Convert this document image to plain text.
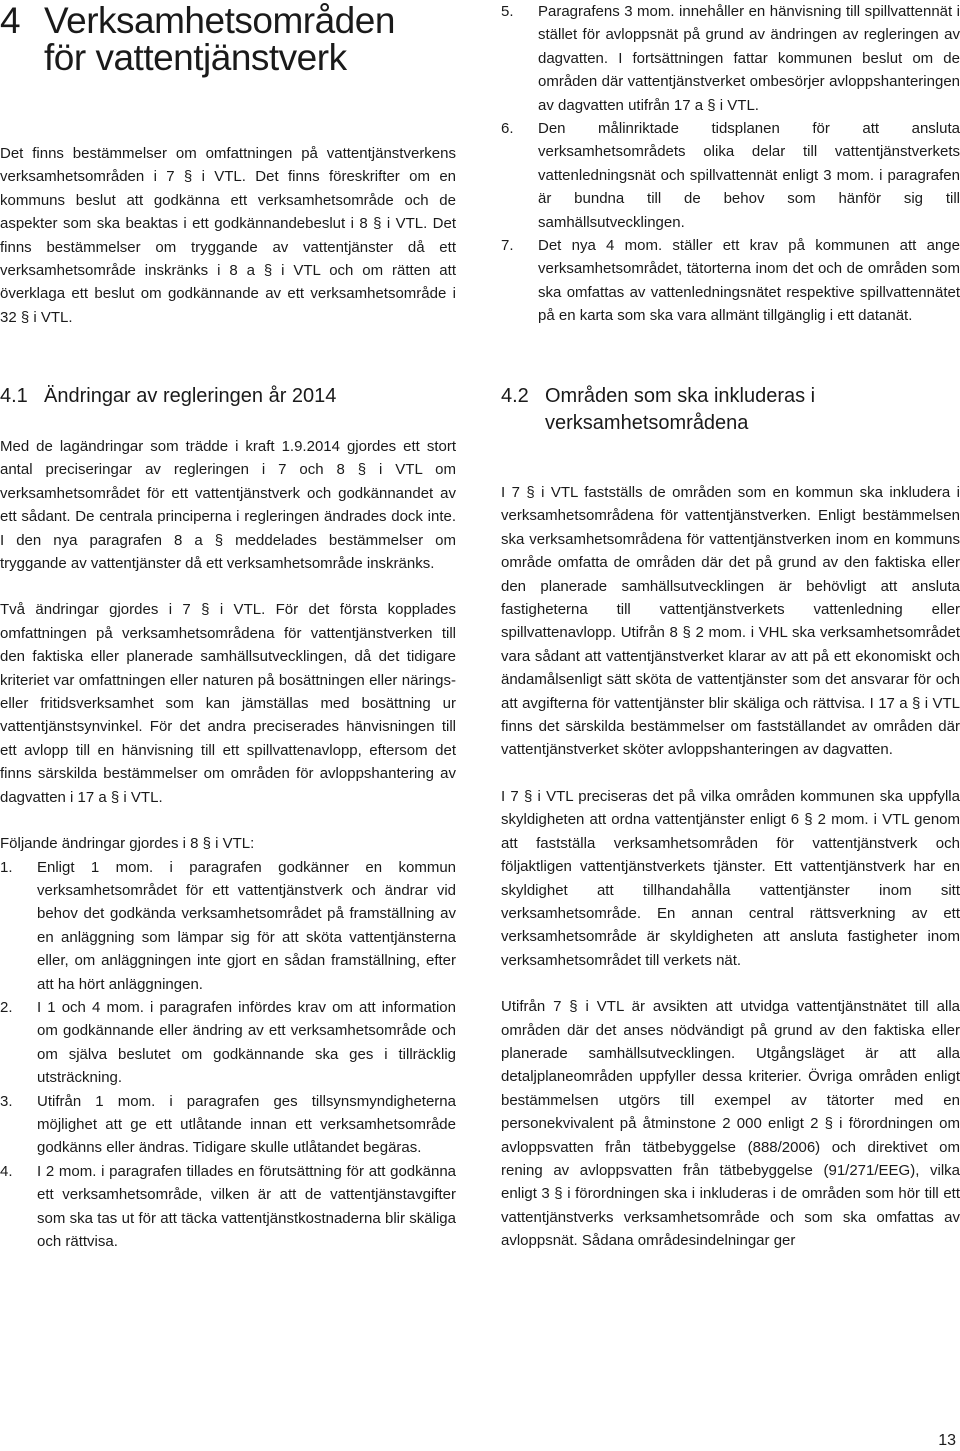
4 Verksamhetsområden
för vattentjänstverk

Det finns bestämmelser om omfattningen på vattentjänstverkens verksamhetsområden i 7 § i VTL. Det finns föreskrifter om en kommuns beslut att godkänna ett verksamhetsområde och de aspekter som ska beaktas i ett godkännandebeslut i 8 § i VTL. Det finns bestämmelser om tryggande av vattentjänster då ett verksamhetsområde inskränks i 8 a § i VTL och om rätten att överklaga ett beslut om godkännande av ett verksamhetsområde i 32 § i VTL.

5. Paragrafens 3 mom. innehåller en hänvisning till spillvattennät i stället för avloppsnät på grund av ändringen av regleringen av dagvatten. I fortsättningen fattar kommunen beslut om de områden där vattentjänstverket ombesörjer avloppshanteringen av dagvatten utifrån 17 a § i VTL.

6. Den målinriktade tidsplanen för att ansluta verksamhetsområdets olika delar till vattentjänstverkets vattenledningsnät och spillvattennät enligt 3 mom. i paragrafen är bundna till de behov som hänför sig till samhällsutvecklingen.

7. Det nya 4 mom. ställer ett krav på kommunen att ange verksamhetsområdet, tätorterna inom det och de områden som ska omfattas av vattenledningsnätet respektive spillvattennätet på en karta som ska vara allmänt tillgänglig i ett datanät.

4.1 Ändringar av regleringen år 2014

Med de lagändringar som trädde i kraft 1.9.2014 gjordes ett stort antal preciseringar av regleringen i 7 och 8 § i VTL om verksamhetsområdet för ett vattentjänstverk och godkännandet av ett sådant. De centrala principerna i regleringen ändrades dock inte. I den nya paragrafen 8 a § meddelades bestämmelser om tryggande av vattentjänster då ett verksamhetsområde inskränks.

Två ändringar gjordes i 7 § i VTL. För det första kopplades omfattningen på verksamhetsområdena för vattentjänstverken till den faktiska eller planerade samhällsutvecklingen, då det tidigare kriteriet var omfattningen eller naturen på bosättningen eller närings- eller fritidsverksamhet som kan jämställas med bosättning ur vattentjänstsynvinkel. För det andra preciserades hänvisningen till ett avlopp till en hänvisning till ett spillvattenavlopp, eftersom det finns särskilda bestämmelser om områden för avloppshantering av dagvatten i 17 a § i VTL.

Följande ändringar gjordes i 8 § i VTL:

1. Enligt 1 mom. i paragrafen godkänner en kommun verksamhetsområdet för ett vattentjänstverk och ändrar vid behov det godkända verksamhetsområdet på framställning av en anläggning som lämpar sig för att sköta vattentjänsterna eller, om anläggningen inte gjort en sådan framställning, efter att ha hört anläggningen.

2. I 1 och 4 mom. i paragrafen infördes krav om att information om godkännande eller ändring av ett verksamhetsområde och om själva beslutet om godkännande ska ges i tillräcklig utsträckning.

3. Utifrån 1 mom. i paragrafen ges tillsynsmyndigheterna möjlighet att ge ett utlåtande innan ett verksamhetsområde godkänns eller ändras. Tidigare skulle utlåtandet begäras.

4. I 2 mom. i paragrafen tillades en förutsättning för att godkänna ett verksamhetsområde, vilken är att de vattentjänstavgifter som ska tas ut för att täcka vattentjänstkostnaderna blir skäliga och rättvisa.

4.2 Områden som ska inkluderas i
verksamhetsområdena

I 7 § i VTL fastställs de områden som en kommun ska inkludera i verksamhetsområdena för vattentjänstverken. Enligt bestämmelsen ska verksamhetsområdena för vattentjänstverken inom en kommuns område omfatta de områden där det på grund av den faktiska eller den planerade samhällsutvecklingen är behövligt att ansluta fastigheterna till vattentjänstverkets vattenledning eller spillvattenavlopp. Utifrån 8 § 2 mom. i VHL ska verksamhetsområdet vara sådant att vattentjänstverket klarar av att på ett ekonomiskt och ändamålsenligt sätt sköta de vattentjänster som det ansvarar för och att avgifterna för vattentjänster blir skäliga och rättvisa. I 17 a § i VTL finns det särskilda bestämmelser om fastställandet av områden där vattentjänstverket sköter avloppshanteringen av dagvatten.

I 7 § i VTL preciseras det på vilka områden kommunen ska uppfylla skyldigheten att ordna vattentjänster enligt 6 § 2 mom. i VTL genom att fastställa verksamhetsområden för vattentjänstverk och följaktligen vattentjänstverkets tjänster. Ett vattentjänstverk har en skyldighet att tillhandahålla vattentjänster inom sitt verksamhetsområde. En annan central rättsverkning av ett verksamhetsområde är skyldigheten att ansluta fastigheter inom verksamhetsområdet till verkets nät.

Utifrån 7 § i VTL är avsikten att utvidga vattentjänstnätet till alla områden där det anses nödvändigt på grund av den faktiska eller planerade samhällsutvecklingen. Utgångsläget är att alla detaljplaneområden uppfyller dessa kriterier. Övriga områden enligt bestämmelsen utgörs till exempel av tätorter med en personekvivalent på åtminstone 2 000 enligt 2 § i förordningen om avloppsvatten från tätbebyggelse (888/2006) och direktivet om rening av avloppsvatten från tätbebyggelse (91/271/EEG), vilka enligt 3 § i förordningen ska i inkluderas i de områden som hör till ett vattentjänstverks verksamhetsområde och som ska omfattas av avloppsnät. Sådana områdesindelningar ger

13
